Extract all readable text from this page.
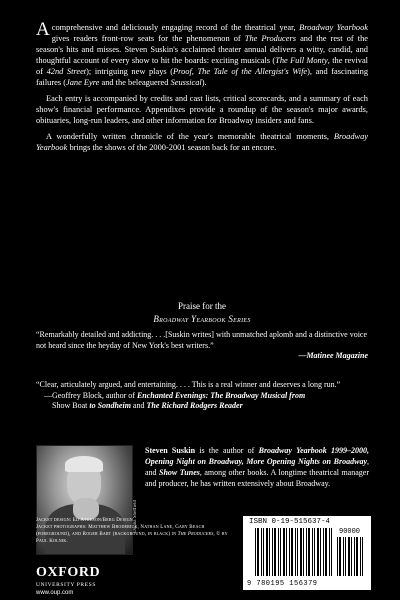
A comprehensive and deliciously engaging record of the theatrical year, Broadway Yearbook gives readers front-row seats for the phenomenon of The Producers and the rest of the season's hits and misses. Steven Suskin's acclaimed theater annual delivers a witty, candid, and thoughtful account of every show to hit the boards: exciting musicals (The Full Monty, the revival of 42nd Street); intriguing new plays (Proof, The Tale of the Allergist's Wife), and fascinating failures (Jane Eyre and the beleaguered Seussical).

Each entry is accompanied by credits and cast lists, critical scorecards, and a summary of each show's financial performance. Appendixes provide a roundup of the season's major awards, obituaries, long-run leaders, and other information for Broadway insiders and fans.

A wonderfully written chronicle of the year's memorable theatrical moments, Broadway Yearbook brings the shows of the 2000-2001 season back for an encore.

Praise for the
Broadway Yearbook Series
“Remarkably detailed and addicting. . . .[Suskin writes] with unmatched aplomb and a distinctive voice not heard since the heyday of New York's best writers.”
—Matinee Magazine
“Clear, articulately argued, and entertaining. . . . This is a real winner and deserves a long run.”
—Geoffrey Block, author of Enchanted Evenings: The Broadway Musical from
Show Boat to Sondheim and The Richard Rodgers Reader
Donna Sheffield
Steven Suskin is the author of Broadway Yearbook 1999–2000, Opening Night on Broadway, More Opening Nights on Broadway, and Show Tunes, among other books. A longtime theatrical manager and producer, he has written extensively about Broadway.
Jacket design: Ed Atkeson/Berg Design
Jacket photographs: Matthew Broderick, Nathan Lane, Gary Beach (foreground), and Roger Bart (background, in black) in The Producers, © by Paul Kolnik.
OXFORD
UNIVERSITY PRESS
www.oup.com
ISBN 0-19-515637-4
90000
9 780195 156379
